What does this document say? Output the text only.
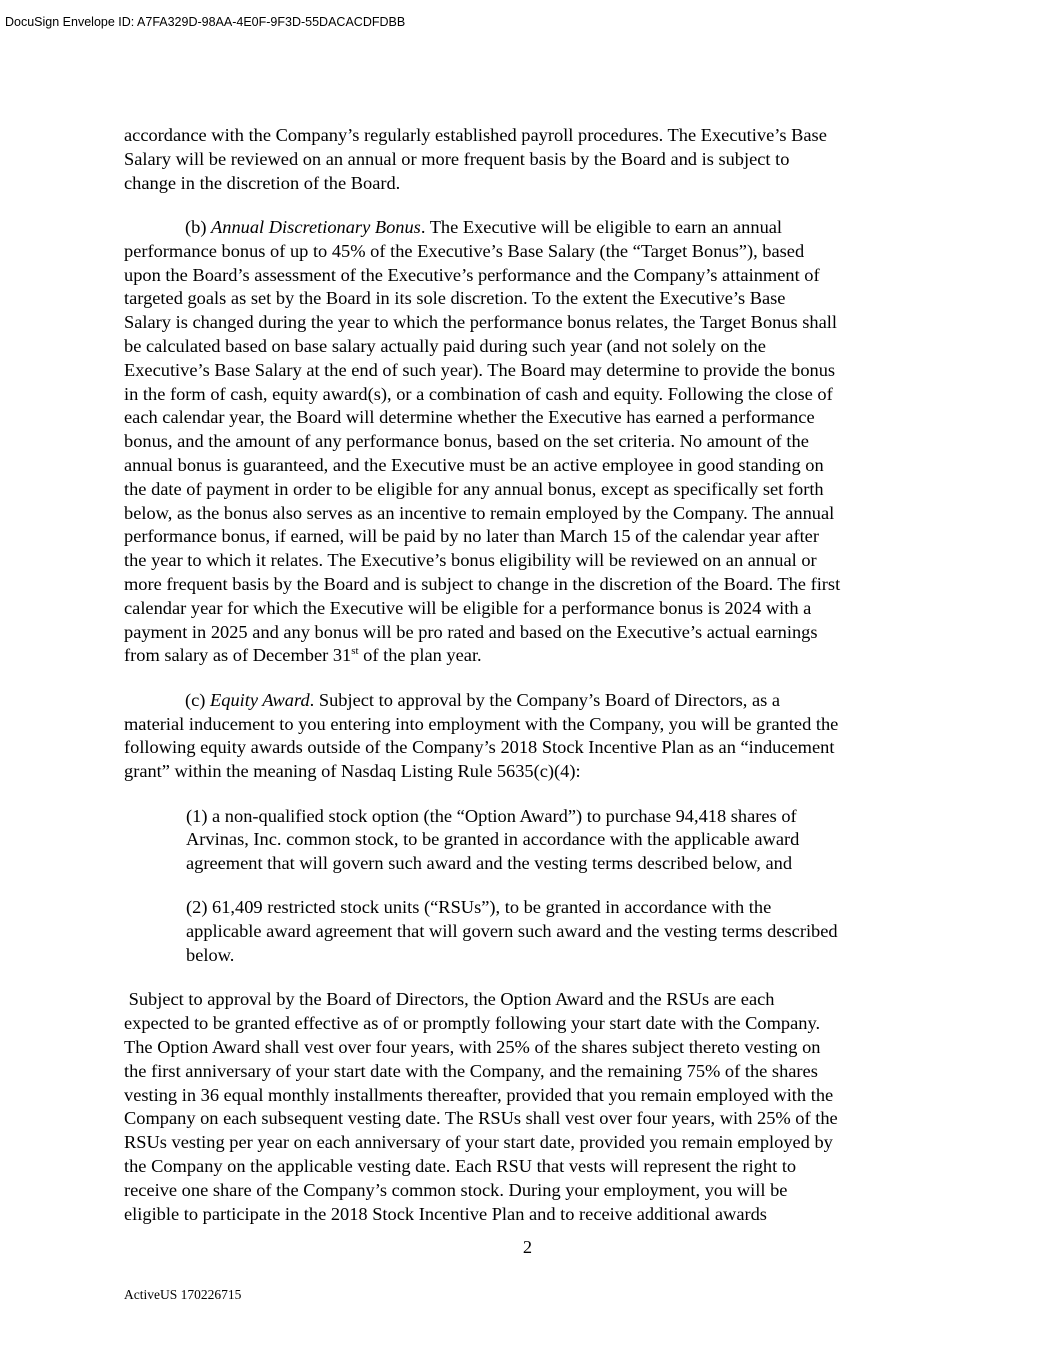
DocuSign Envelope ID: A7FA329D-98AA-4E0F-9F3D-55DACACDFDBB

accordance with the Company’s regularly established payroll procedures. The Executive’s Base
Salary will be reviewed on an annual or more frequent basis by the Board and is subject to
change in the discretion of the Board.

(b) Annual Discretionary Bonus. The Executive will be eligible to earn an annual
performance bonus of up to 45% of the Executive’s Base Salary (the “Target Bonus”), based
upon the Board’s assessment of the Executive’s performance and the Company’s attainment of
targeted goals as set by the Board in its sole discretion. To the extent the Executive’s Base
Salary is changed during the year to which the performance bonus relates, the Target Bonus shall
be calculated based on base salary actually paid during such year (and not solely on the
Executive’s Base Salary at the end of such year). The Board may determine to provide the bonus
in the form of cash, equity award(s), or a combination of cash and equity. Following the close of
each calendar year, the Board will determine whether the Executive has earned a performance
bonus, and the amount of any performance bonus, based on the set criteria. No amount of the
annual bonus is guaranteed, and the Executive must be an active employee in good standing on
the date of payment in order to be eligible for any annual bonus, except as specifically set forth
below, as the bonus also serves as an incentive to remain employed by the Company. The annual
performance bonus, if earned, will be paid by no later than March 15 of the calendar year after
the year to which it relates. The Executive’s bonus eligibility will be reviewed on an annual or
more frequent basis by the Board and is subject to change in the discretion of the Board. The first
calendar year for which the Executive will be eligible for a performance bonus is 2024 with a
payment in 2025 and any bonus will be pro rated and based on the Executive’s actual earnings
from salary as of December 31st of the plan year.

(c) Equity Award. Subject to approval by the Company’s Board of Directors, as a
material inducement to you entering into employment with the Company, you will be granted the
following equity awards outside of the Company’s 2018 Stock Incentive Plan as an “inducement
grant” within the meaning of Nasdaq Listing Rule 5635(c)(4):

(1) a non-qualified stock option (the “Option Award”) to purchase 94,418 shares of
Arvinas, Inc. common stock, to be granted in accordance with the applicable award
agreement that will govern such award and the vesting terms described below, and

(2) 61,409 restricted stock units (“RSUs”), to be granted in accordance with the
applicable award agreement that will govern such award and the vesting terms described
below.

Subject to approval by the Board of Directors, the Option Award and the RSUs are each
expected to be granted effective as of or promptly following your start date with the Company.
The Option Award shall vest over four years, with 25% of the shares subject thereto vesting on
the first anniversary of your start date with the Company, and the remaining 75% of the shares
vesting in 36 equal monthly installments thereafter, provided that you remain employed with the
Company on each subsequent vesting date. The RSUs shall vest over four years, with 25% of the
RSUs vesting per year on each anniversary of your start date, provided you remain employed by
the Company on the applicable vesting date. Each RSU that vests will represent the right to
receive one share of the Company’s common stock. During your employment, you will be
eligible to participate in the 2018 Stock Incentive Plan and to receive additional awards

2

ActiveUS 170226715
